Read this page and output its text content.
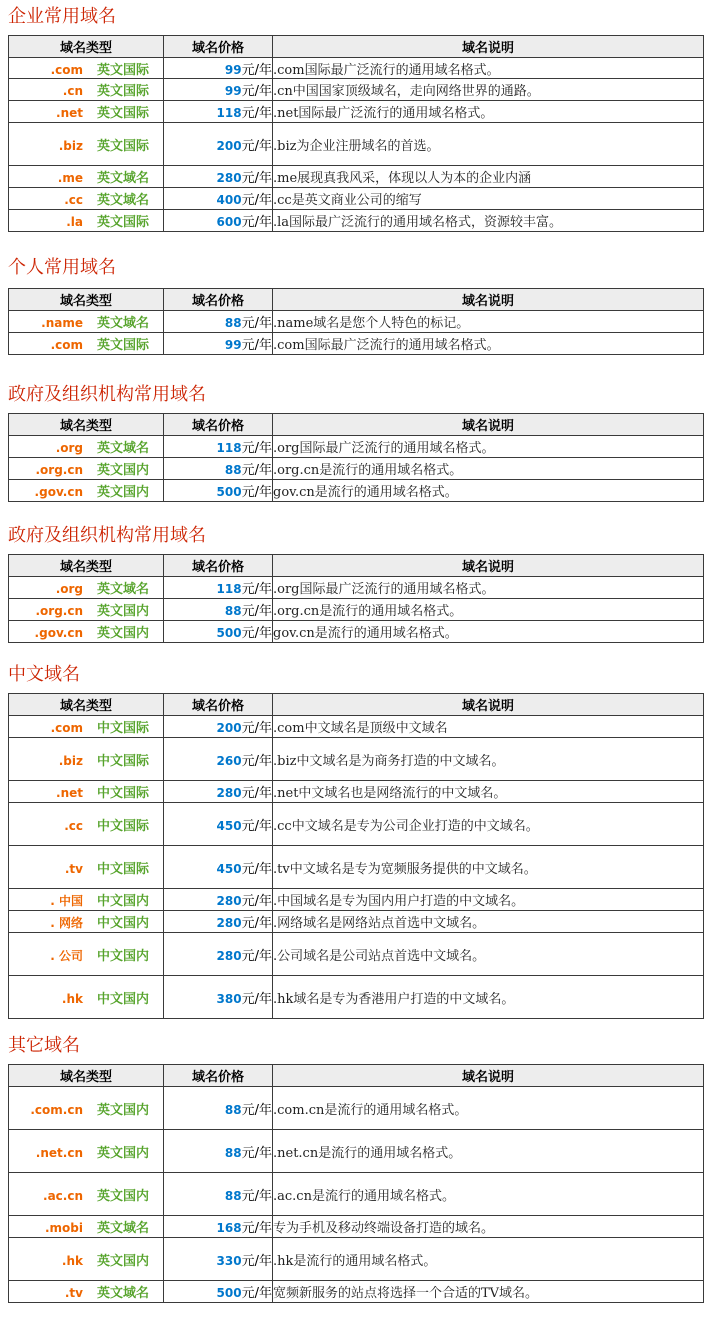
企业常用域名
域名类型	域名价格	域名说明
.com 英文国际	99元/年	.com国际最广泛流行的通用域名格式。
.cn 英文国际	99元/年	.cn中国国家顶级域名，走向网络世界的通路。
.net 英文国际	118元/年	.net国际最广泛流行的通用域名格式。
.biz 英文国际	200元/年	.biz为企业注册域名的首选。
.me 英文域名	280元/年	.me展现真我风采，体现以人为本的企业内涵
.cc 英文域名	400元/年	.cc是英文商业公司的缩写
.la 英文国际	600元/年	.la国际最广泛流行的通用域名格式，资源较丰富。
个人常用域名
域名类型	域名价格	域名说明
.name 英文域名	88元/年	.name域名是您个人特色的标记。
.com 英文国际	99元/年	.com国际最广泛流行的通用域名格式。
政府及组织机构常用域名
域名类型	域名价格	域名说明
.org 英文域名	118元/年	.org国际最广泛流行的通用域名格式。
.org.cn 英文国内	88元/年	.org.cn是流行的通用域名格式。
.gov.cn 英文国内	500元/年	gov.cn是流行的通用域名格式。
政府及组织机构常用域名
域名类型	域名价格	域名说明
.org 英文域名	118元/年	.org国际最广泛流行的通用域名格式。
.org.cn 英文国内	88元/年	.org.cn是流行的通用域名格式。
.gov.cn 英文国内	500元/年	gov.cn是流行的通用域名格式。
中文域名
域名类型	域名价格	域名说明
.com 中文国际	200元/年	.com中文域名是顶级中文域名
.biz 中文国际	260元/年	.biz中文域名是为商务打造的中文域名。
.net 中文国际	280元/年	.net中文域名也是网络流行的中文域名。
.cc 中文国际	450元/年	.cc中文域名是专为公司企业打造的中文域名。
.tv 中文国际	450元/年	.tv中文域名是专为宽频服务提供的中文域名。
. 中国 中文国内	280元/年	.中国域名是专为国内用户打造的中文域名。
. 网络 中文国内	280元/年	.网络域名是网络站点首选中文域名。
. 公司 中文国内	280元/年	.公司域名是公司站点首选中文域名。
.hk 中文国内	380元/年	.hk域名是专为香港用户打造的中文域名。
其它域名
域名类型	域名价格	域名说明
.com.cn 英文国内	88元/年	.com.cn是流行的通用域名格式。
.net.cn 英文国内	88元/年	.net.cn是流行的通用域名格式。
.ac.cn 英文国内	88元/年	.ac.cn是流行的通用域名格式。
.mobi 英文域名	168元/年	专为手机及移动终端设备打造的域名。
.hk 英文国内	330元/年	.hk是流行的通用域名格式。
.tv 英文域名	500元/年	宽频新服务的站点将选择一个合适的TV域名。
